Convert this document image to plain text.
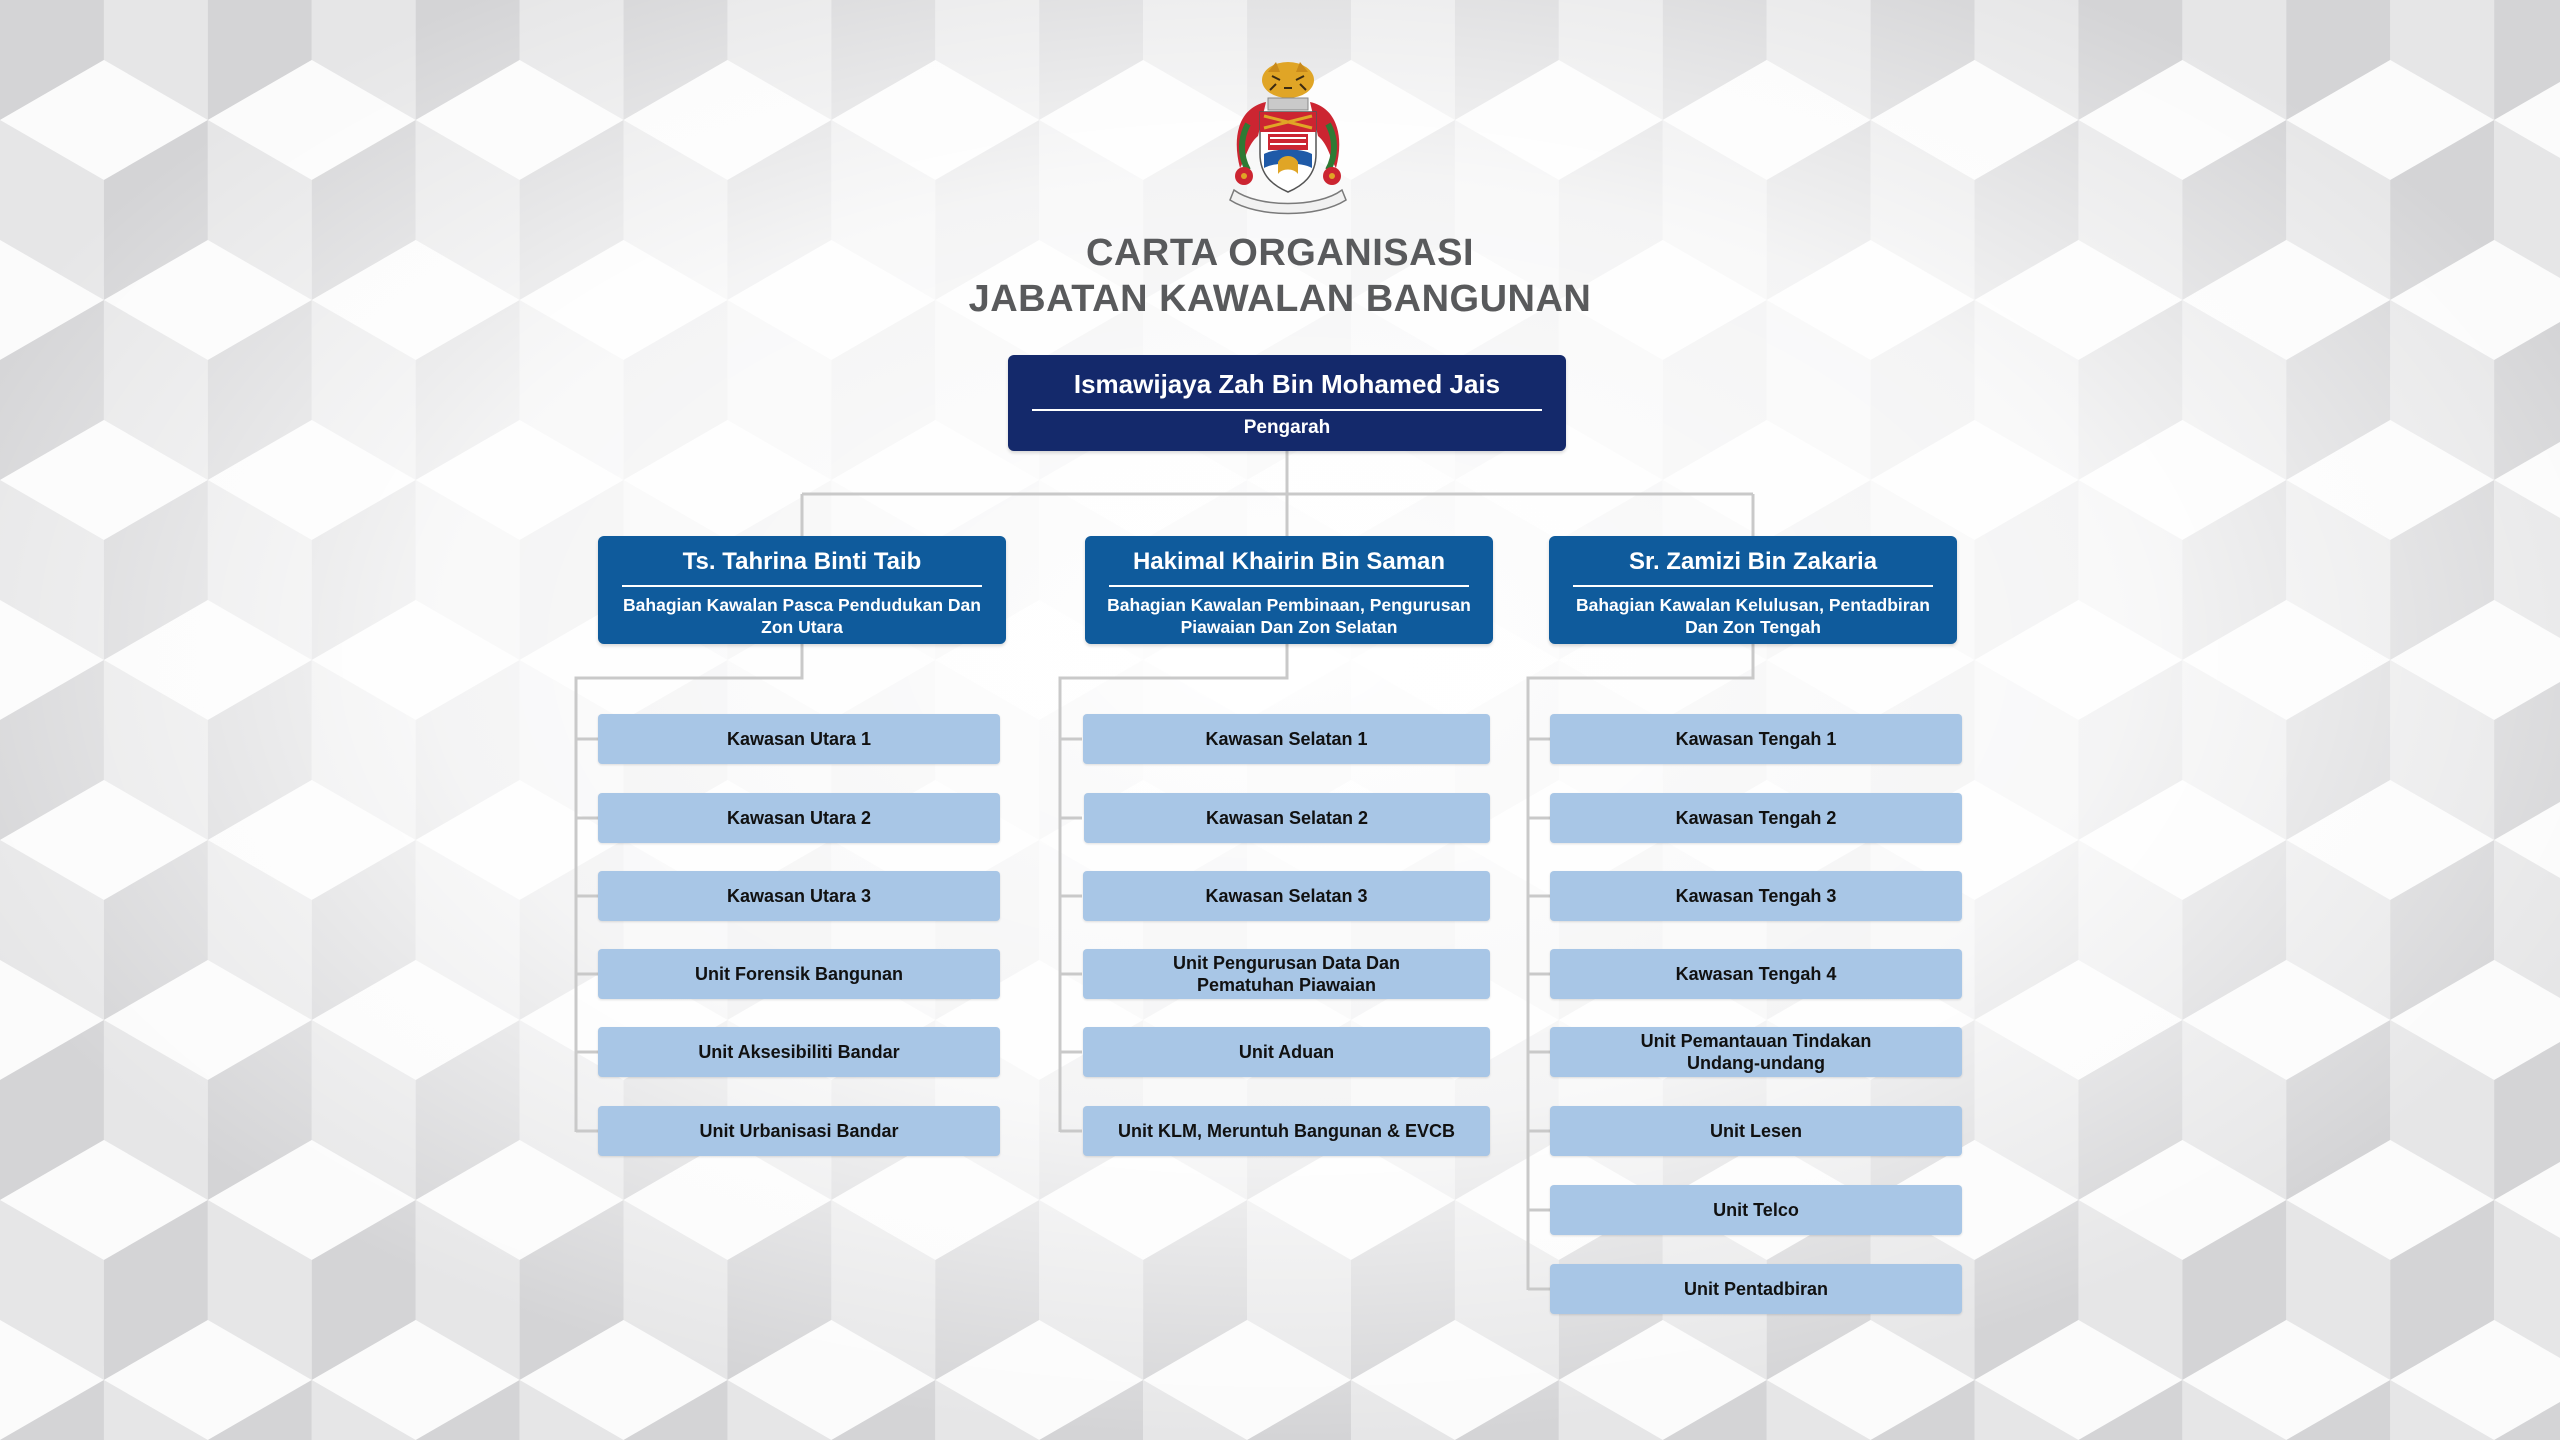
CARTA ORGANISASI
JABATAN KAWALAN BANGUNAN
Ismawijaya Zah Bin Mohamed Jais
Pengarah
Ts. Tahrina Binti Taib
Bahagian Kawalan Pasca Pendudukan Dan Zon Utara
Hakimal Khairin Bin Saman
Bahagian Kawalan Pembinaan, Pengurusan Piawaian Dan Zon Selatan
Sr. Zamizi Bin Zakaria
Bahagian Kawalan Kelulusan, Pentadbiran Dan Zon Tengah
Kawasan Utara 1
Kawasan Utara 2
Kawasan Utara 3
Unit Forensik Bangunan
Unit Aksesibiliti Bandar
Unit Urbanisasi Bandar
Kawasan Selatan 1
Kawasan Selatan 2
Kawasan Selatan 3
Unit Pengurusan Data Dan Pematuhan Piawaian
Unit Aduan
Unit KLM, Meruntuh Bangunan & EVCB
Kawasan Tengah 1
Kawasan Tengah 2
Kawasan Tengah 3
Kawasan Tengah 4
Unit Pemantauan Tindakan Undang-undang
Unit Lesen
Unit Telco
Unit Pentadbiran
